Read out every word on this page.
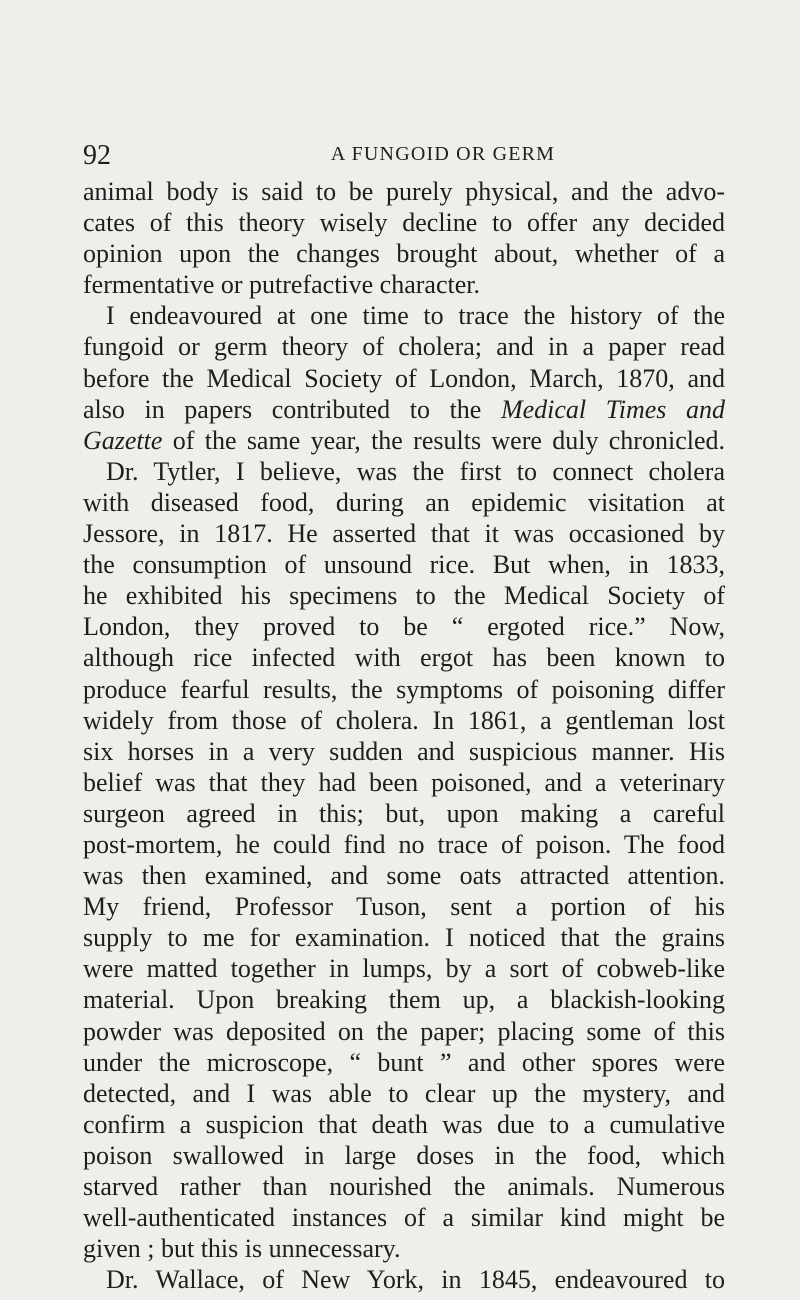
92	A FUNGOID OR GERM
animal body is said to be purely physical, and the advo-
cates of this theory wisely decline to offer any decided
opinion upon the changes brought about, whether of a
fermentative or putrefactive character.
I endeavoured at one time to trace the history of the
fungoid or germ theory of cholera; and in a paper read
before the Medical Society of London, March, 1870, and
also in papers contributed to the Medical Times and
Gazette of the same year, the results were duly chronicled.
Dr. Tytler, I believe, was the first to connect cholera
with diseased food, during an epidemic visitation at
Jessore, in 1817. He asserted that it was occasioned by
the consumption of unsound rice. But when, in 1833,
he exhibited his specimens to the Medical Society of
London, they proved to be “ ergoted rice.” Now,
although rice infected with ergot has been known to
produce fearful results, the symptoms of poisoning differ
widely from those of cholera. In 1861, a gentleman lost
six horses in a very sudden and suspicious manner. His
belief was that they had been poisoned, and a veterinary
surgeon agreed in this; but, upon making a careful
post-mortem, he could find no trace of poison. The food
was then examined, and some oats attracted attention.
My friend, Professor Tuson, sent a portion of his
supply to me for examination. I noticed that the grains
were matted together in lumps, by a sort of cobweb-like
material. Upon breaking them up, a blackish-looking
powder was deposited on the paper; placing some of this
under the microscope, “ bunt ” and other spores were
detected, and I was able to clear up the mystery, and
confirm a suspicion that death was due to a cumulative
poison swallowed in large doses in the food, which
starved rather than nourished the animals. Numerous
well-authenticated instances of a similar kind might be
given ; but this is unnecessary.
Dr. Wallace, of New York, in 1845, endeavoured to
